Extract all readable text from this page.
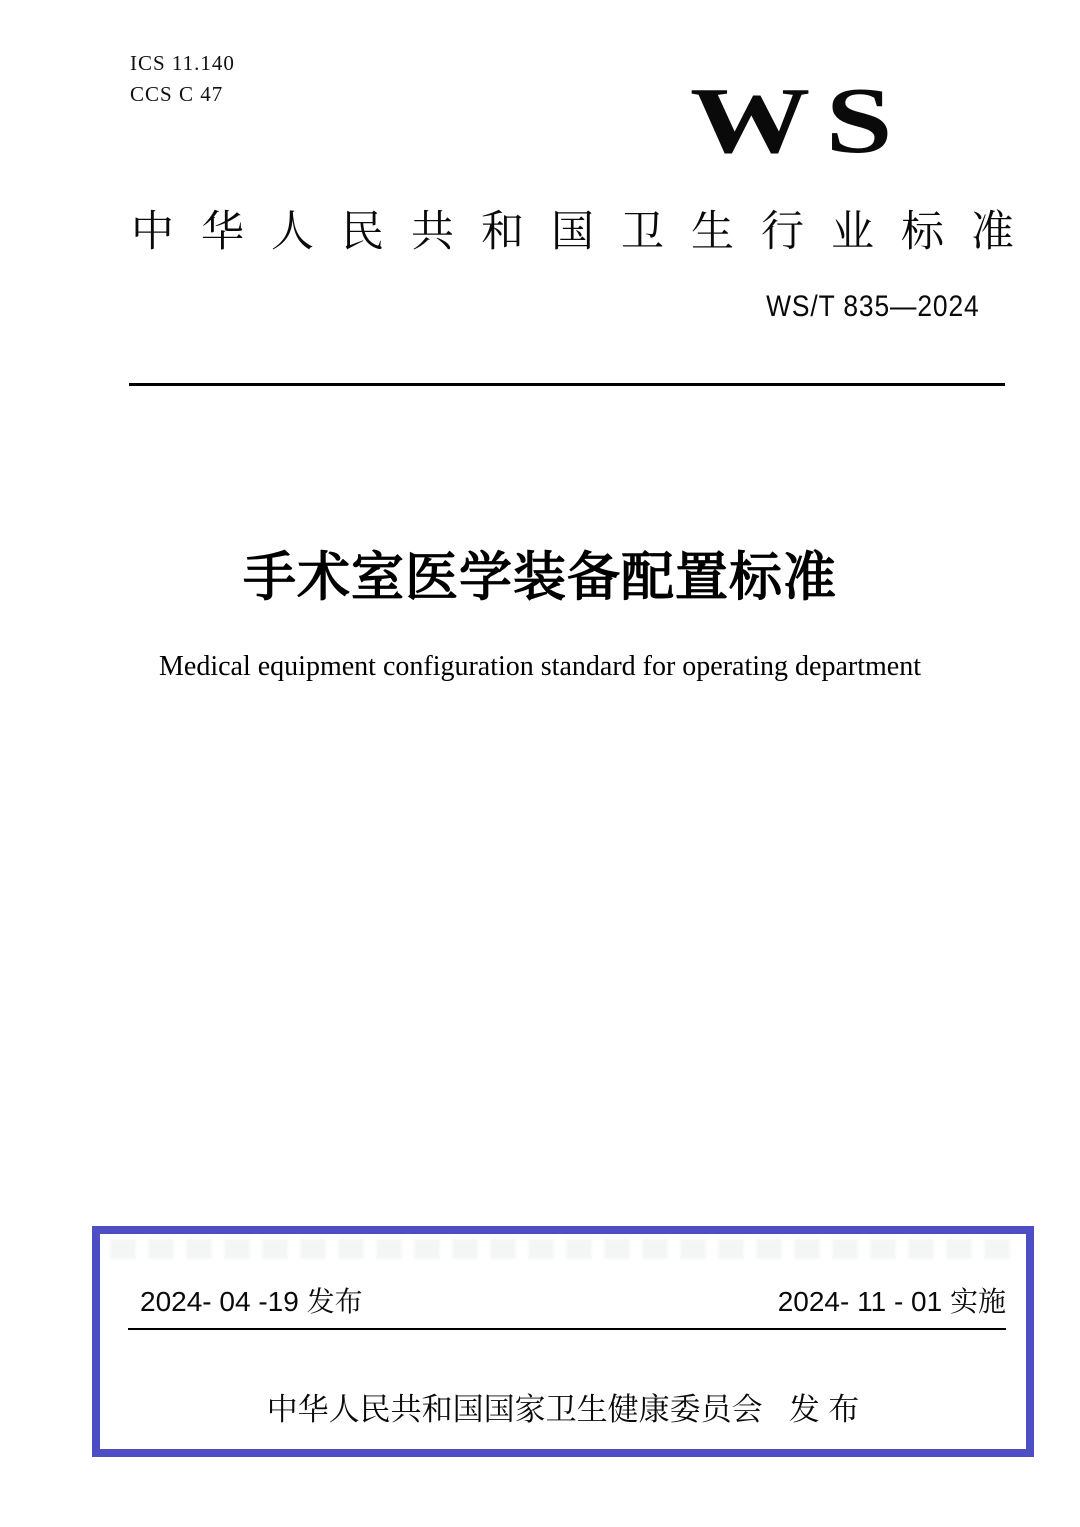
ICS 11.140
CCS C 47	WS
中华人民共和国卫生行业标准
WS/T 835—2024
手术室医学装备配置标准
Medical equipment configuration standard for operating department
2024- 04 -19 发布	2024- 11 - 01 实施
中华人民共和国国家卫生健康委员会 发 布
